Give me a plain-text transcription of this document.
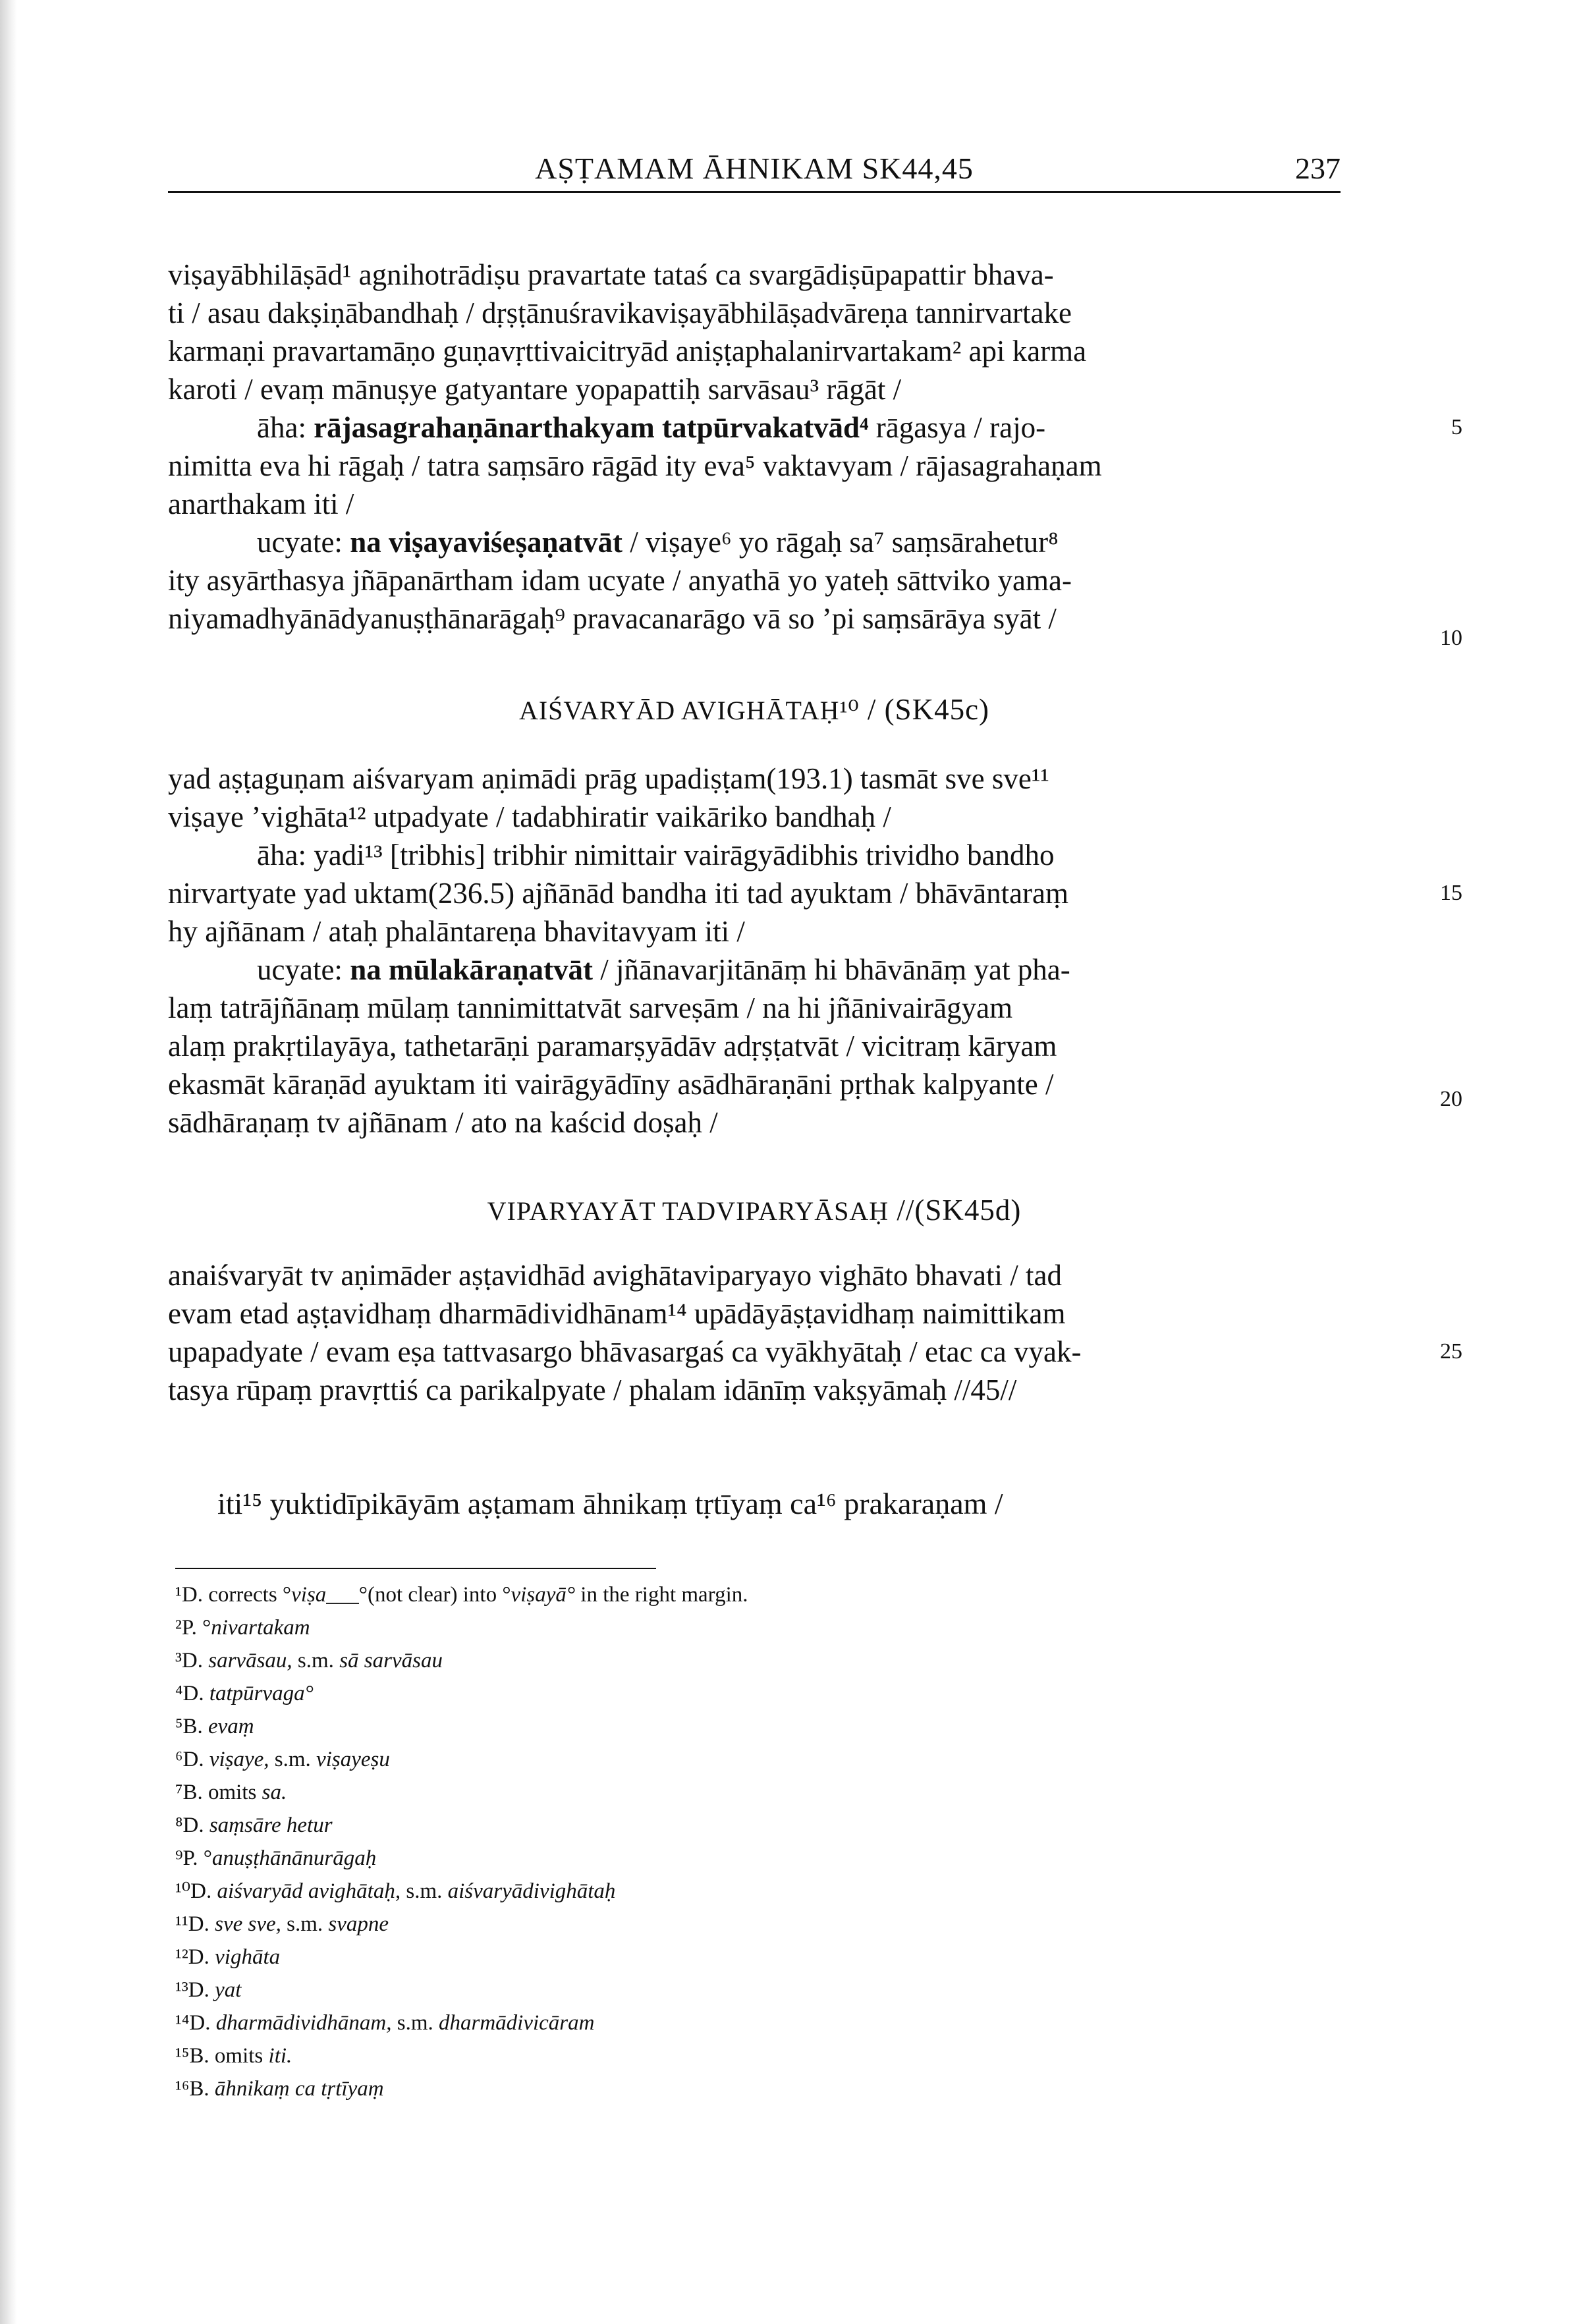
AṢṬAMAM ĀHNIKAM SK44,45	237
viṣayābhilāṣād¹ agnihotrādiṣu pravartate tataś ca svargādiṣūpapattir bhava-
ti / asau dakṣiṇābandhaḥ / dṛṣṭānuśravikaviṣayābhilāṣadvāreṇa tannirvartake
karmaṇi pravartamāṇo guṇavṛttivaicitryād aniṣṭaphalanirvartakam² api karma
karoti / evaṃ mānuṣye gatyantare yopapattiḥ sarvāsau³ rāgāt /
āha: rājasagrahaṇānarthakyam tatpūrvakatvād⁴ rāgasya / rajo-
nimitta eva hi rāgaḥ / tatra saṃsāro rāgād ity eva⁵ vaktavyam / rājasagrahaṇam
anarthakam iti /
ucyate: na viṣayaviśeṣaṇatvāt / viṣaye⁶ yo rāgaḥ sa⁷ saṃsārahetur⁸
ity asyārthasya jñāpanārtham idam ucyate / anyathā yo yateḥ sāttviko yama-
niyamadhyānādyanuṣṭhānarāgaḥ⁹ pravacanarāgo vā so ’pi saṃsārāya syāt /
AIŚVARYĀD AVIGHĀTAḤ¹⁰ / (SK45c)
yad aṣṭaguṇam aiśvaryam aṇimādi prāg upadiṣṭam(193.1) tasmāt sve sve¹¹
viṣaye ’vighāta¹² utpadyate / tadabhiratir vaikāriko bandhaḥ /
āha: yadi¹³ [tribhis] tribhir nimittair vairāgyādibhis trividho bandho
nirvartyate yad uktam(236.5) ajñānād bandha iti tad ayuktam / bhāvāntaraṃ
hy ajñānam / ataḥ phalāntareṇa bhavitavyam iti /
ucyate: na mūlakāraṇatvāt / jñānavarjitānāṃ hi bhāvānāṃ yat pha-
laṃ tatrājñānaṃ mūlaṃ tannimittatvāt sarveṣām / na hi jñānivairāgyam
alaṃ prakṛtilayāya, tathetarāṇi paramarṣyādāv adṛṣṭatvāt / vicitraṃ kāryam
ekasmāt kāraṇād ayuktam iti vairāgyādīny asādhāraṇāni pṛthak kalpyante /
sādhāraṇaṃ tv ajñānam / ato na kaścid doṣaḥ /
VIPARYAYĀT TADVIPARYĀSAḤ //(SK45d)
anaiśvaryāt tv aṇimāder aṣṭavidhād avighātaviparyayo vighāto bhavati / tad
evam etad aṣṭavidhaṃ dharmādividhānam¹⁴ upādāyāṣṭavidhaṃ naimittikam
upapadyate / evam eṣa tattvasargo bhāvasargaś ca vyākhyātaḥ / etac ca vyak-
tasya rūpaṃ pravṛttiś ca parikalpyate / phalam idānīṃ vakṣyāmaḥ //45//
5
10
15
20
25
iti¹⁵ yuktidīpikāyām aṣṭamam āhnikaṃ tṛtīyaṃ ca¹⁶ prakaraṇam /
¹D. corrects °viṣa___°(not clear) into °viṣayā° in the right margin.
²P. °nivartakam
³D. sarvāsau, s.m. sā sarvāsau
⁴D. tatpūrvaga°
⁵B. evaṃ
⁶D. viṣaye, s.m. viṣayeṣu
⁷B. omits sa.
⁸D. saṃsāre hetur
⁹P. °anuṣṭhānānurāgaḥ
¹⁰D. aiśvaryād avighātaḥ, s.m. aiśvaryādivighātaḥ
¹¹D. sve sve, s.m. svapne
¹²D. vighāta
¹³D. yat
¹⁴D. dharmādividhānam, s.m. dharmādivicāram
¹⁵B. omits iti.
¹⁶B. āhnikaṃ ca tṛtīyaṃ
